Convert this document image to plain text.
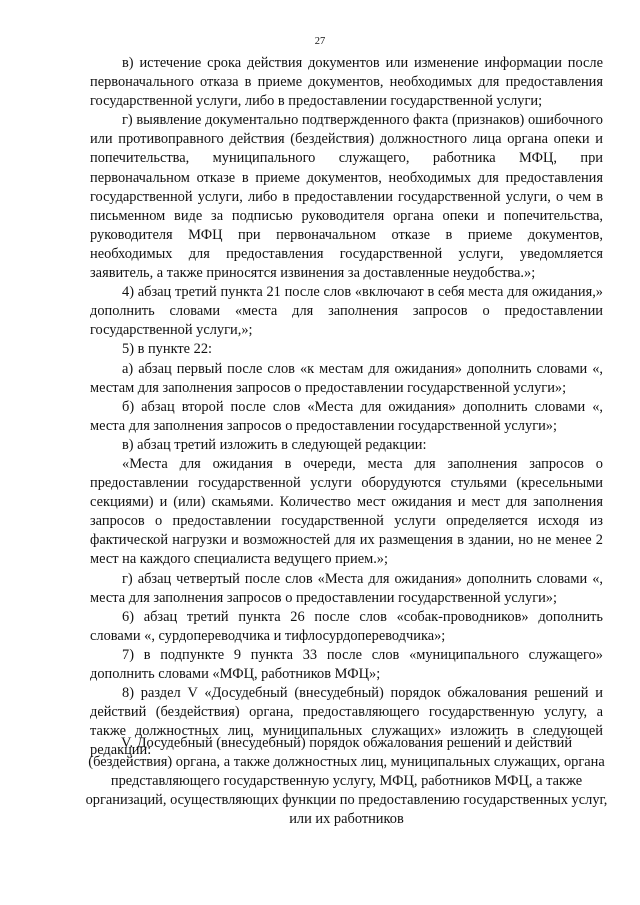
27

в) истечение срока действия документов или изменение информации после первоначального отказа в приеме документов, необходимых для предоставления государственной услуги, либо в предоставлении государственной услуги;

г) выявление документально подтвержденного факта (признаков) ошибочного или противоправного действия (бездействия) должностного лица органа опеки и попечительства, муниципального служащего, работника МФЦ, при первоначальном отказе в приеме документов, необходимых для предоставления государственной услуги, либо в предоставлении государственной услуги, о чем в письменном виде за подписью руководителя органа опеки и попечительства, руководителя МФЦ при первоначальном отказе в приеме документов, необходимых для предоставления государственной услуги, уведомляется заявитель, а также приносятся извинения за доставленные неудобства.»;

4) абзац третий пункта 21 после слов «включают в себя места для ожидания,» дополнить словами «места для заполнения запросов о предоставлении государственной услуги,»;

5) в пункте 22:

а) абзац первый после слов «к местам для ожидания» дополнить словами «, местам для заполнения запросов о предоставлении государственной услуги»;

б) абзац второй после слов «Места для ожидания» дополнить словами «, места для заполнения запросов о предоставлении государственной услуги»;

в) абзац третий изложить в следующей редакции:

«Места для ожидания в очереди, места для заполнения запросов о предоставлении государственной услуги оборудуются стульями (кресельными секциями) и (или) скамьями. Количество мест ожидания и мест для заполнения запросов о предоставлении государственной услуги определяется исходя из фактической нагрузки и возможностей для их размещения в здании, но не менее 2 мест на каждого специалиста ведущего прием.»;

г) абзац четвертый после слов «Места для ожидания» дополнить словами «, места для заполнения запросов о предоставлении государственной услуги»;

6) абзац третий пункта 26 после слов «собак-проводников» дополнить словами «, сурдопереводчика и тифлосурдопереводчика»;

7) в подпункте 9 пункта 33 после слов «муниципального служащего» дополнить словами «МФЦ, работников МФЦ»;

8) раздел V «Досудебный (внесудебный) порядок обжалования решений и действий (бездействия) органа, предоставляющего государственную услугу, а также должностных лиц, муниципальных служащих» изложить в следующей редакции:

V. Досудебный (внесудебный) порядок обжалования решений и действий (бездействия) органа, а также должностных лиц, муниципальных служащих, органа представляющего государственную услугу, МФЦ, работников МФЦ, а также организаций, осуществляющих функции по предоставлению государственных услуг, или их работников
